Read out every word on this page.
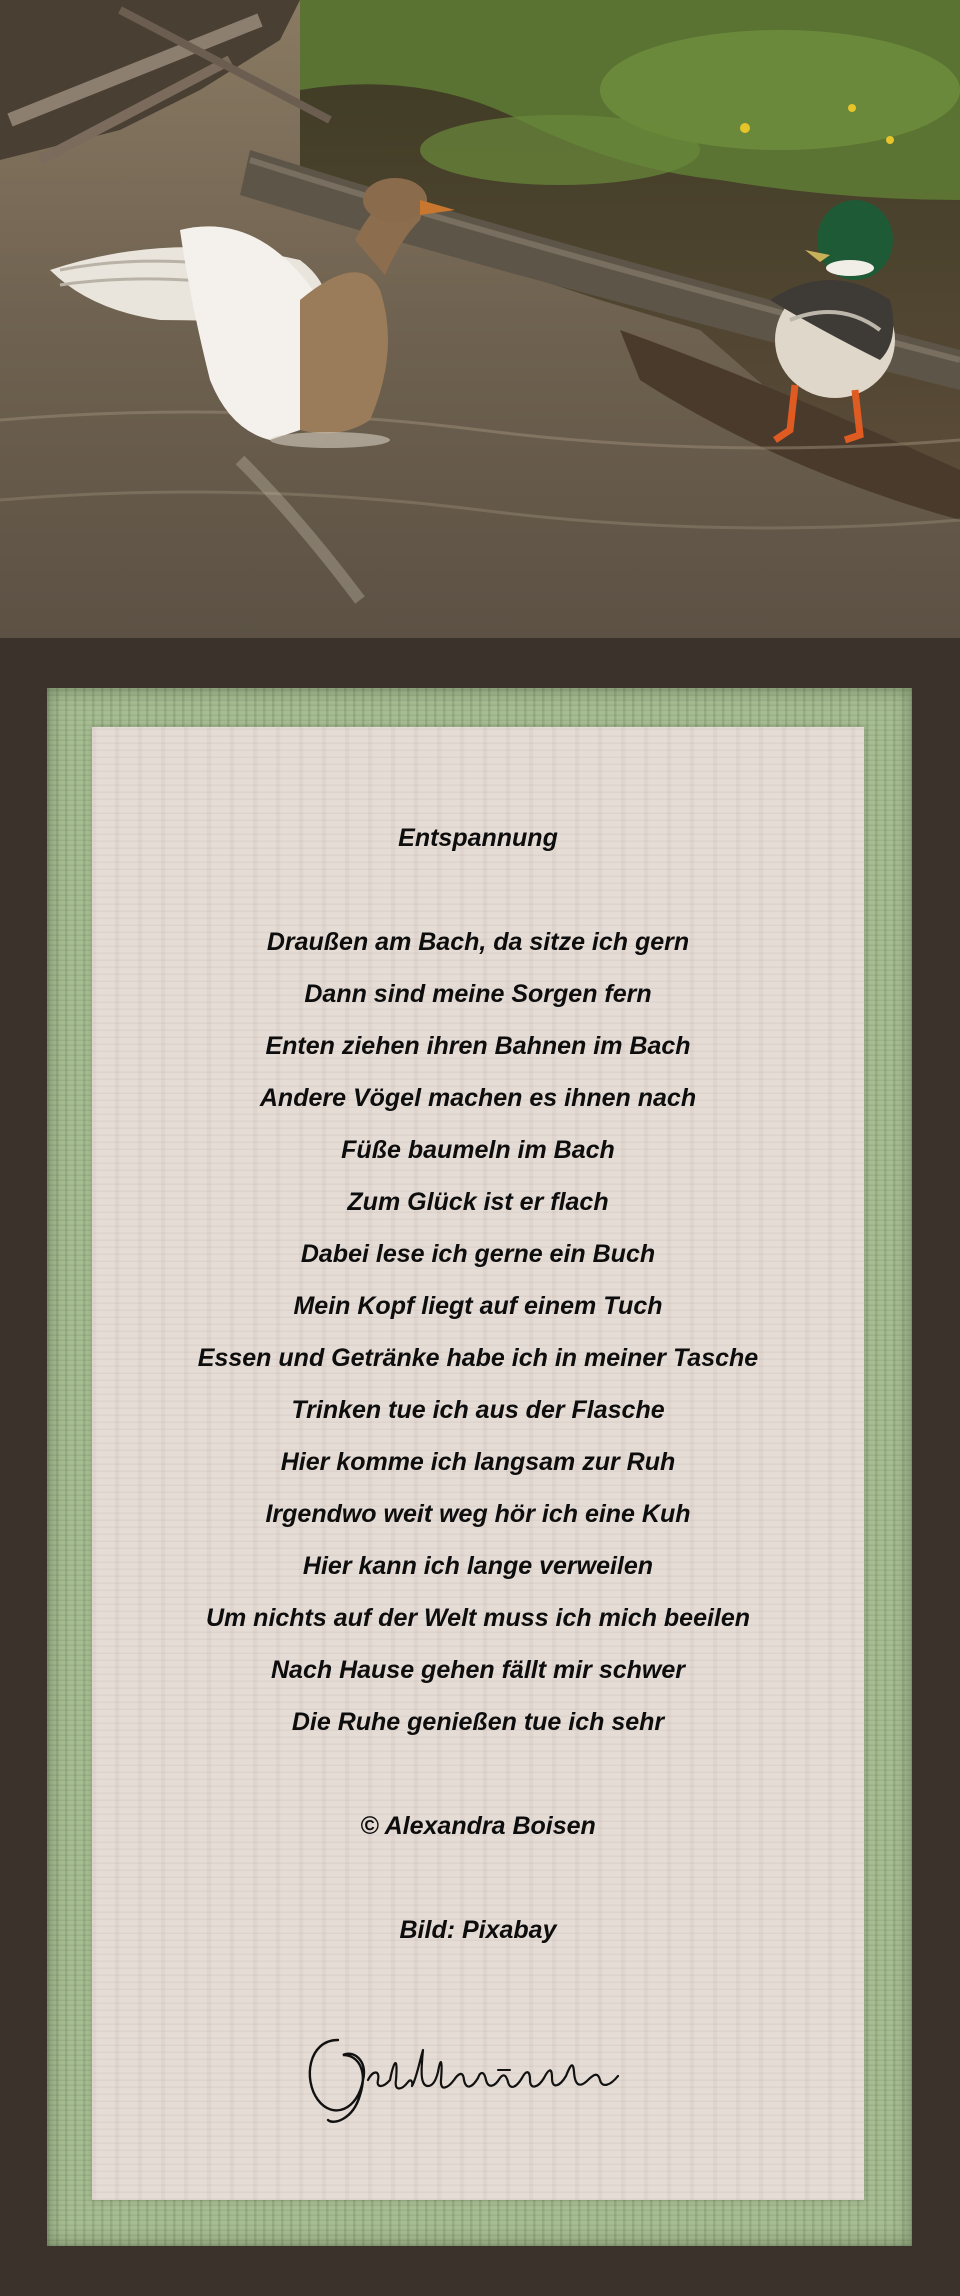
Entspannung
Draußen am Bach, da sitze ich gern
Dann sind meine Sorgen fern
Enten ziehen ihren Bahnen im Bach
Andere Vögel machen es ihnen nach
Füße baumeln im Bach
Zum Glück ist er flach
Dabei lese ich gerne ein Buch
Mein Kopf liegt auf einem Tuch
Essen und Getränke habe ich in meiner Tasche
Trinken tue ich aus der Flasche
Hier komme ich langsam zur Ruh
Irgendwo weit weg hör ich eine Kuh
Hier kann ich lange verweilen
Um nichts auf der Welt muss ich mich beeilen
Nach Hause gehen fällt mir schwer
Die Ruhe genießen tue ich sehr
© Alexandra Boisen
Bild: Pixabay
